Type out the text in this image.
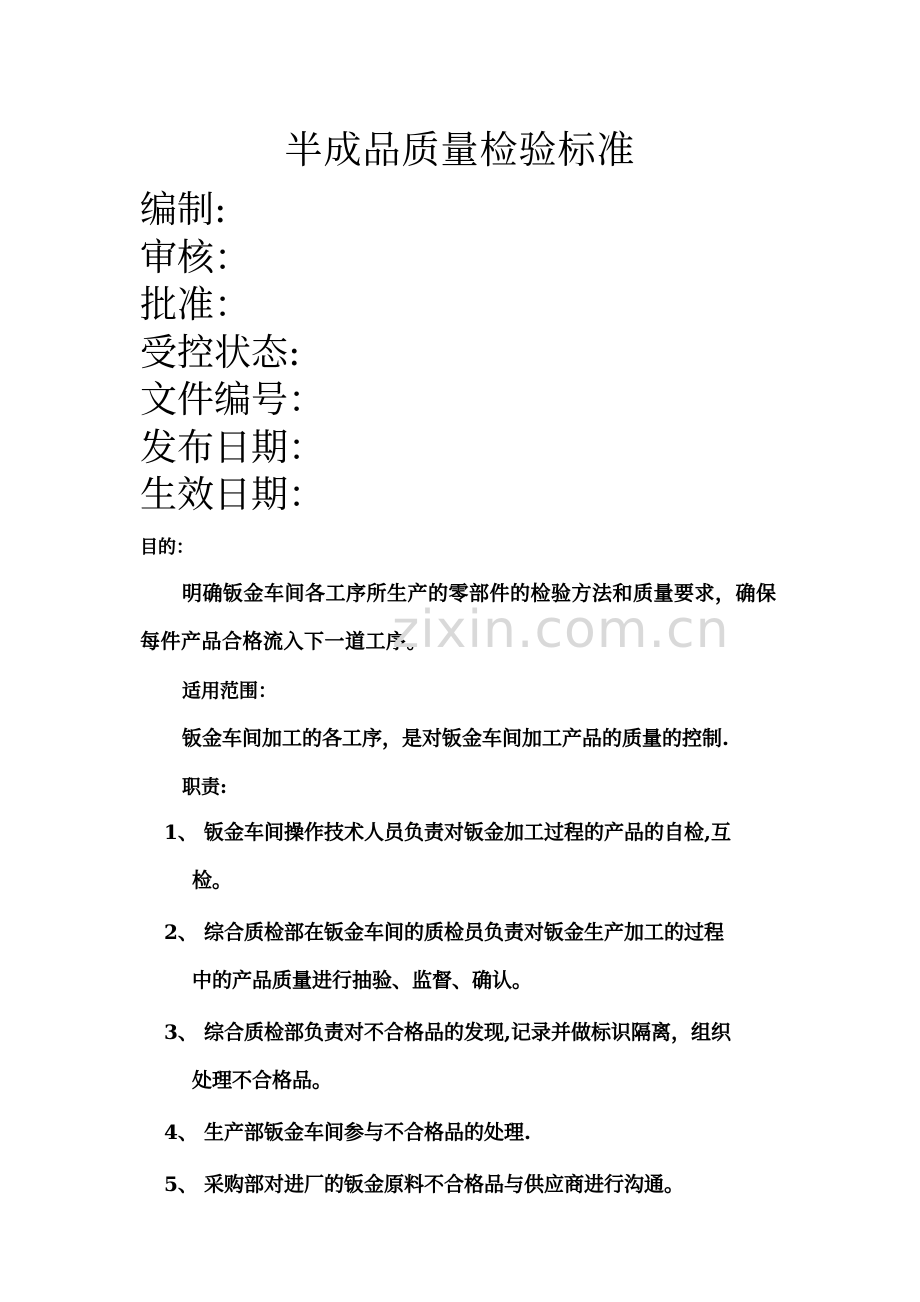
半成品质量检验标准
编制:
审核：
批准：
受控状态:
文件编号：
发布日期：
生效日期：
目的：
明确钣金车间各工序所生产的零部件的检验方法和质量要求，确保每件产品合格流入下一道工序。
适用范围：
钣金车间加工的各工序，是对钣金车间加工产品的质量的控制.
职责:
1、 钣金车间操作技术人员负责对钣金加工过程的产品的自检,互
检。
2、 综合质检部在钣金车间的质检员负责对钣金生产加工的过程
中的产品质量进行抽验、监督、确认。
3、 综合质检部负责对不合格品的发现,记录并做标识隔离，组织
处理不合格品。
4、 生产部钣金车间参与不合格品的处理.
5、 采购部对进厂的钣金原料不合格品与供应商进行沟通。
zixin.com.cn
